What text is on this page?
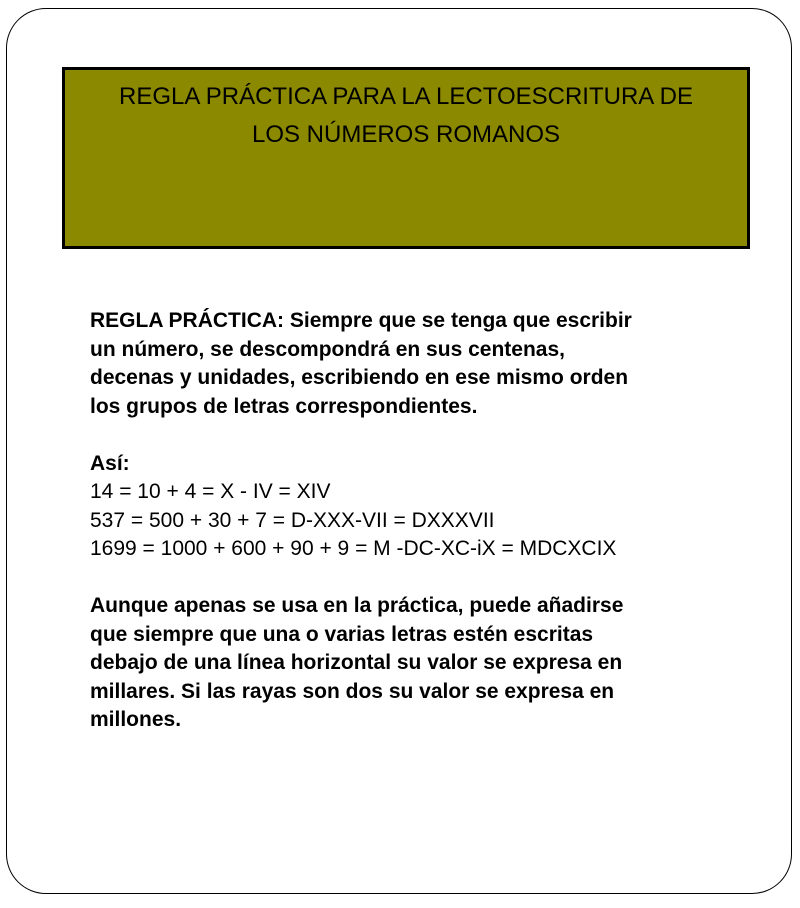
REGLA PRÁCTICA PARA LA LECTOESCRITURA DE
LOS NÚMEROS ROMANOS
REGLA PRÁCTICA: Siempre que se tenga que escribir
un número, se descompondrá en sus centenas,
decenas y unidades, escribiendo en ese mismo orden
los grupos de letras correspondientes.
Así:
14 = 10 + 4 = X - IV = XIV
537 = 500 + 30 + 7 = D-XXX-VII = DXXXVII
1699 = 1000 + 600 + 90 + 9 = M -DC-XC-iX = MDCXCIX
Aunque apenas se usa en la práctica, puede añadirse
que siempre que una o varias letras estén escritas
debajo de una línea horizontal su valor se expresa en
millares. Si las rayas son dos su valor se expresa en
millones.
